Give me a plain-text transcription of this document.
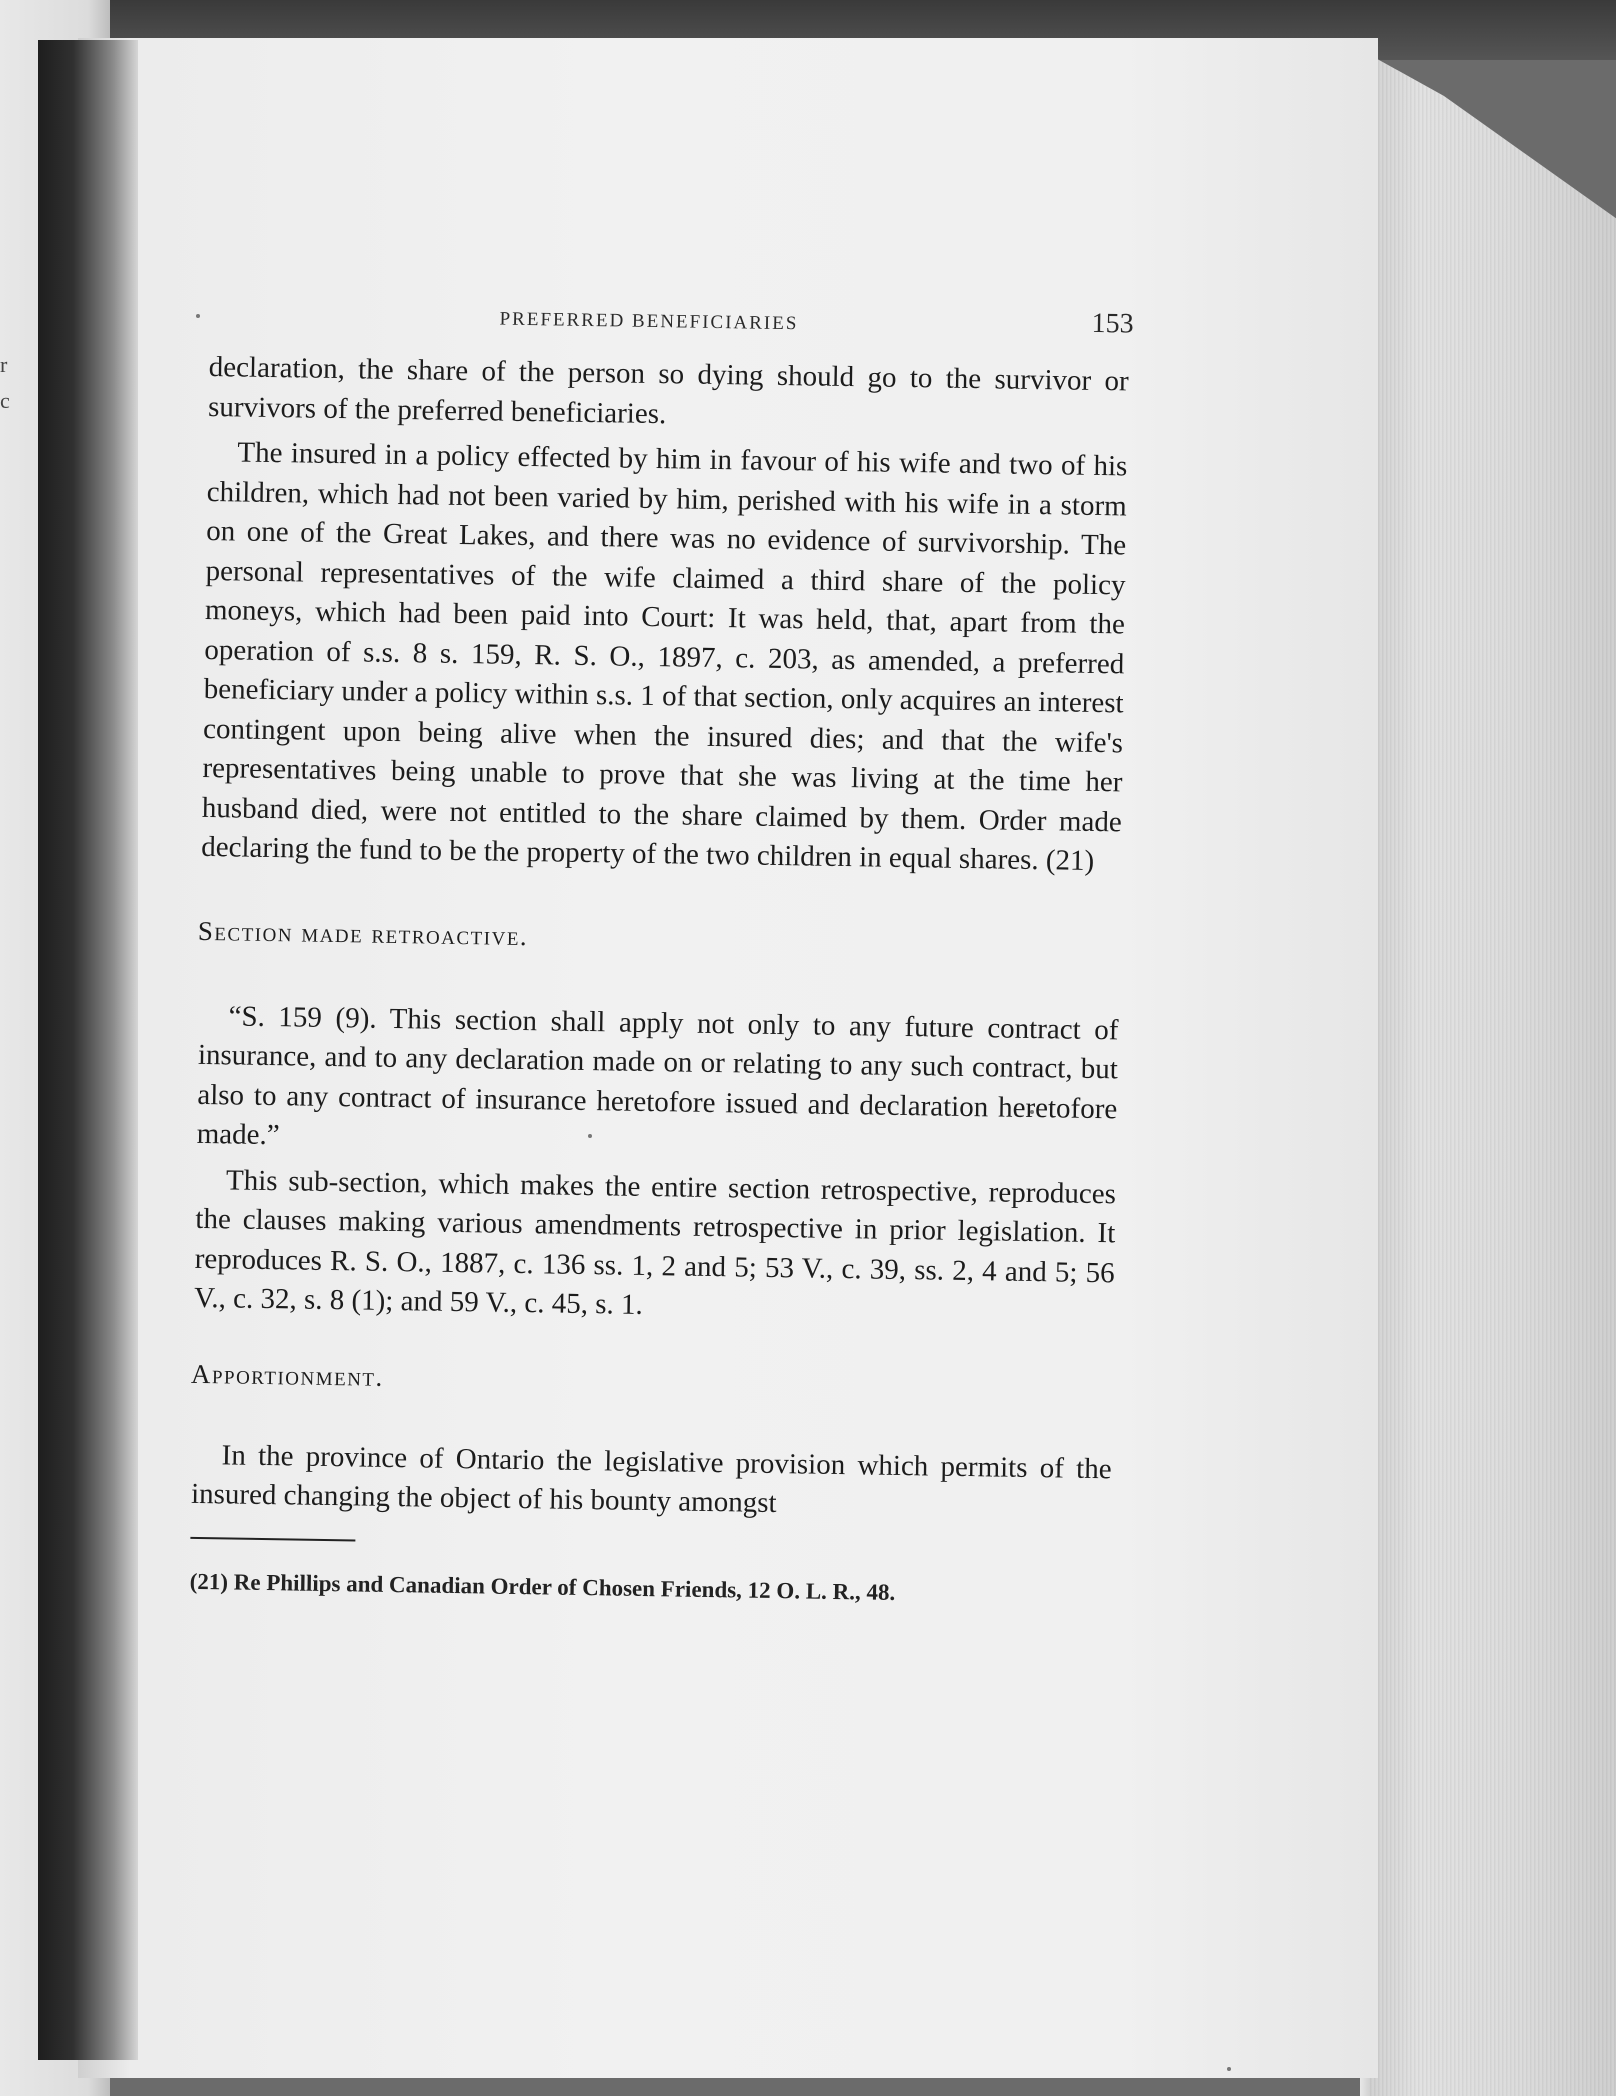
r
c
PREFERRED BENEFICIARIES	153

declaration, the share of the person so dying should go to the survivor or survivors of the preferred beneficiaries.

The insured in a policy effected by him in favour of his wife and two of his children, which had not been varied by him, perished with his wife in a storm on one of the Great Lakes, and there was no evidence of survivorship. The personal representatives of the wife claimed a third share of the policy moneys, which had been paid into Court: It was held, that, apart from the operation of s.s. 8 s. 159, R. S. O., 1897, c. 203, as amended, a preferred beneficiary under a policy within s.s. 1 of that section, only acquires an interest contingent upon being alive when the insured dies; and that the wife's representatives being unable to prove that she was living at the time her husband died, were not entitled to the share claimed by them. Order made declaring the fund to be the property of the two children in equal shares. (21)

Section made retroactive.

“S. 159 (9). This section shall apply not only to any future contract of insurance, and to any declaration made on or relating to any such contract, but also to any contract of insurance heretofore issued and declaration heretofore made.”

This sub-section, which makes the entire section retrospective, reproduces the clauses making various amendments retrospective in prior legislation. It reproduces R. S. O., 1887, c. 136 ss. 1, 2 and 5; 53 V., c. 39, ss. 2, 4 and 5; 56 V., c. 32, s. 8 (1); and 59 V., c. 45, s. 1.

Apportionment.

In the province of Ontario the legislative provision which permits of the insured changing the object of his bounty amongst

(21) Re Phillips and Canadian Order of Chosen Friends, 12 O. L. R., 48.
